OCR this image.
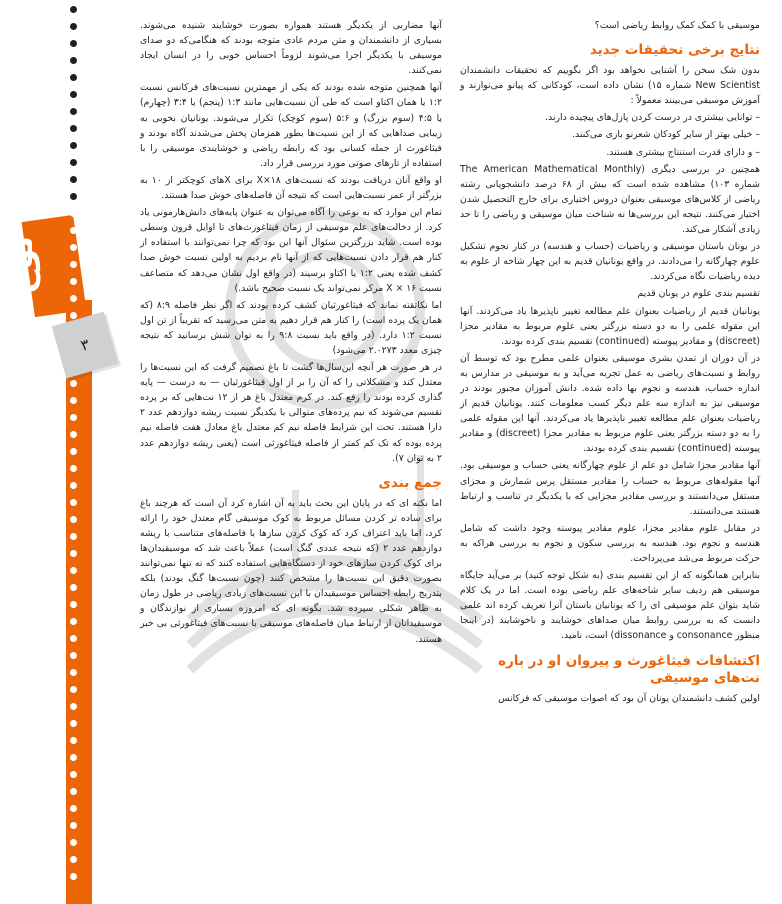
لوح
۳

موسیقی با کمک کمک روابط ریاضی است؟

نتایج برخی تحقیقات جدید

بدون شک سخن را آشنایی نخواهد بود اگر بگوییم که تحقیقات دانشمندان New Scientist شماره ۱۵) نشان داده است، کودکانی که پیانو می‌نوازند و آموزش موسیقی می‌بینند معمولاً :

– توانایی بیشتری در درست کردن پازل‌های پیچیده دارند.

– خیلی بهتر از سایر کودکان شعرنو بازی می‌کنند.

– و دارای قدرت استنتاج بیشتری هستند.

همچنین در بررسی دیگری (The American Mathematical Monthly شماره ۱۰۳) مشاهده شده است که بیش از ۶۸ درصد دانشجویانی رشته ریاضی از کلاس‌های موسیقی بعنوان دروس اختیاری برای خارج التحصیل شدن اختیار می‌کنند. نتیجه این بررسی‌ها نه شناخت میان موسیقی و ریاضی را تا حد زیادی آشکار می‌کند.

در یونان باستان موسیقی و ریاضیات (حساب و هندسه) در کنار نجوم تشکیل علوم چهارگانه را می‌دادند. در واقع یونانیان قدیم به این چهار شاخه از علوم به دیده ریاضیات نگاه می‌کردند.

تقسیم بندی علوم در یونان قدیم

یونانیان قدیم از ریاضیات بعنوان علم مطالعه تغییر ناپذیرها یاد می‌کردند. آنها این مقوله علمی را به دو دسته بزرگتر یعنی علوم مربوط به مقادیر مجزا (discreet) و مقادیر پیوسته (continued) تقسیم بندی کرده بودند.

در آن دوران از تمدن بشری موسیقی بعنوان علمی مطرح بود که توسط آن روابط و نسبت‌های ریاضی به عمل تجربه می‌آید و به موسیقی در مدارس به اندازه حساب، هندسه و نجوم بها داده شده. دانش آموزان مجبور بودند در موسیقی نیز به اندازه سه علم دیگر کسب معلومات کنند. یونانیان قدیم از ریاضیات بعنوان علم مطالعه تغییر ناپذیرها یاد می‌کردند. آنها این مقوله علمی را به دو دسته بزرگتر یعنی علوم مربوط به مقادیر مجزا (discreet) و مقادیر پیوسته (continued) تقسیم بندی کرده بودند.

آنها مقادیر مجزا شامل دو علم از علوم چهارگانه یعنی حساب و موسیقی بود. آنها مقوله‌های مربوط به حساب را مقادیر مستقل پرس شمارش و مجزای مستقل می‌دانستند و بررسی مقادیر مجزایی که با یکدیگر در تناسب و ارتباط هستند می‌دانستند.

در مقابل علوم مقادیر مجزا، علوم مقادیر پیوسته وجود داشت که شامل هندسه و نجوم بود. هندسه به بررسی سکون و نجوم به بررسی هراکه به حرکت مربوط می‌شد می‌پرداخت.

بنابراین همانگونه که از این تقسیم بندی (به شکل توجه کنید) بر می‌آید جایگاه موسیقی هم ردیف سایر شاخه‌های علم ریاضی بوده است. اما در یک کلام شاید بتوان علم موسیقی ای را که یونانیان باستان آنرا تعریف کرده اند علمی دانست که به بررسی روابط میان صداهای خوشایند و ناخوشایند (در اینجا منظور consonance و dissonance) است، نامید.

اکتشافات فیثاغورث و پیروان او در باره نت‌های موسیقی

اولین کشف دانشمندان یونان آن بود که اصوات موسیقی که فرکانس

آنها مضاربی از یکدیگر هستند همواره بصورت خوشایند شنیده می‌شوند. بسیاری از دانشمندان و متن مردم عادی متوجه بودند که هنگامی‌که دو صدای موسیقی با یکدیگر اجرا می‌شوند لزوماً احساس خوبی را در انسان ایجاد نمی‌کنند.

آنها همچنین متوجه شده بودند که یکی از مهمترین نسبت‌های فرکانس نسبت ۱:۲ یا همان اکتاو است که طی آن نسبت‌هایی مانند ۱:۳ (پنجم) یا ۳:۴ (چهارم) یا ۴:۵ (سوم بزرگ) و ۵:۶ (سوم کوچک) تکرار می‌شوند. یونانیان بخوبی به زیبایی صداهایی که از این نسبت‌ها بطور همزمان پخش می‌شدند آگاه بودند و فیثاغورث از جمله کسانی بود که رابطه ریاضی و خوشایندی موسیقی را با استفاده از تارهای صوتی مورد بررسی قرار داد.

او واقع آنان دریافت بودند که نسبت‌های ۱۸×X برای X‌های کوچکتر از ۱۰ به بزرگتر از عمر نسبت‌هایی است که نتیجه آن فاصله‌های خوش صدا هستند.

تمام این موارد که به نوعی را آگاه می‌توان به عنوان پایه‌های دانش‌هارمونی یاد کرد. از دخالت‌های علم موسیقی از زمان فیثاغورث‌های تا اوایل قرون وسطی بوده است. شاید بزرگترین سئوال آنها این بود که چرا نمی‌توانند با استفاده از کنار هم قرار دادن نسبت‌هایی که از آنها نام بردیم به اولین نسبت خوش صدا کشف شده یعنی ۱:۲ یا اکتاو برسیند (در واقع اول نشان می‌دهد که متصاعف نسبت X × ۱۶ مرکز نمی‌تواند یک نسبت صحیح باشد.)

اما نکاتقته نماند که فیثاغورثیان کشف کرده بودند که اگر نظر فاصله ۸:۹ (که همان یک پرده است) را کنار هم قرار دهیم به متن می‌رسید که تقریباً از تن اول نسبت ۱:۲ دارد. (در واقع باید نسبت ۹:۸ را به توان شش برسانید که نتیجه چیزی معدد ۲.۰۲۷۳ می‌شود)

در هر صورت هر آنچه این‌سال‌ها گشت تا باغ تصمیم گرفت که این نسبت‌ها را معتدل کند و مشکلاتی را که آن را بر از اول فیثاغورثیان — به درست — پایه گذاری کرده بودند را رفع کند. در کرم معتدل باغ هر از ۱۲ نت‌هایی که بر پرده تقسیم می‌شوند که نیم پرده‌های متوالی با یکدیگر نسبت ریشه دوازدهم عدد ۲ دارا هستند. تحت این شرایط فاصله نیم کم معتدل باغ معادل هفت فاصله نیم پرده بوده که تک کم کمتر از فاصله فیثاغورثی است (یعنی ریشه دوازدهم عدد ۲ به توان ۷).

جمع بندی

اما نکته ای که در پایان این بحث باید به آن اشاره کرد آن است که هرچند باغ برای ساده تر کردن مسائل مربوط به کوک موسیقی گام معتدل خود را ارائه کرد، اما باید اعتراف کرد که کوک کردن سازها با فاصله‌های متناسب با ریشه دوازدهم عدد ۲ (که نتیجه عددی گنگ است) عملاً باعث شد که موسیقیدان‌ها برای کوک کردن سازهای خود از دستگاه‌هایی استفاده کنند که نه تنها نمی‌توانند بصورت دقیق این نسبت‌ها را مشخص کنند (چون نسبت‌ها گنگ بودند) بلکه بتدریج رابطه احساس موسیقیدان با این نسبت‌های زیادی ریاضی در طول زمان به ظاهر شکلی سپرده شد. بگونه ای که امروزه بسیاری از نوازندگان و موسیقیدانان از ارتباط میان فاصله‌های موسیقی با نسبت‌های فیثاغورثی بی خبر هستند.
